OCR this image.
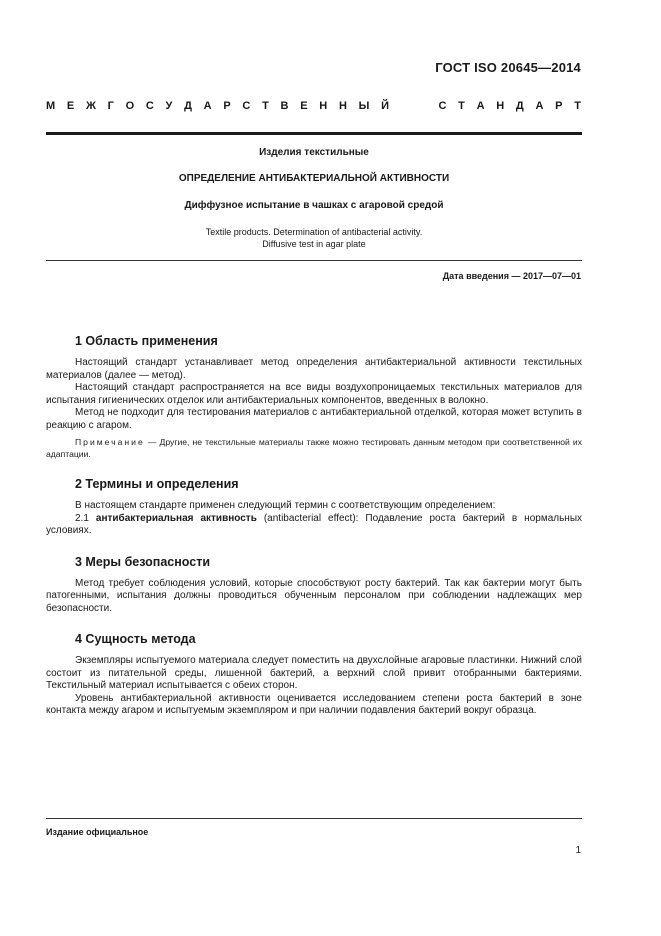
ГОСТ ISO 20645—2014
М Е Ж Г О С У Д А Р С Т В Е Н Н Ы Й	С Т А Н Д А Р Т
Изделия текстильные
ОПРЕДЕЛЕНИЕ АНТИБАКТЕРИАЛЬНОЙ АКТИВНОСТИ
Диффузное испытание в чашках с агаровой средой
Textile products. Determination of antibacterial activity.
Diffusive test in agar plate
Дата введения — 2017—07—01
1 Область применения

Настоящий стандарт устанавливает метод определения антибактериальной активности текстильных материалов (далее — метод).

Настоящий стандарт распространяется на все виды воздухопроницаемых текстильных материалов для испытания гигиенических отделок или антибактериальных компонентов, введенных в волокно.

Метод не подходит для тестирования материалов с антибактериальной отделкой, которая может вступить в реакцию с агаром.

Примечание — Другие, не текстильные материалы также можно тестировать данным методом при соответственной их адаптации.

2 Термины и определения

В настоящем стандарте применен следующий термин с соответствующим определением:

2.1 антибактериальная активность (antibacterial effect): Подавление роста бактерий в нормальных условиях.

3 Меры безопасности

Метод требует соблюдения условий, которые способствуют росту бактерий. Так как бактерии могут быть патогенными, испытания должны проводиться обученным персоналом при соблюдении надлежащих мер безопасности.

4 Сущность метода

Экземпляры испытуемого материала следует поместить на двухслойные агаровые пластинки. Нижний слой состоит из питательной среды, лишенной бактерий, а верхний слой привит отобранными бактериями. Текстильный материал испытывается с обеих сторон.

Уровень антибактериальной активности оценивается исследованием степени роста бактерий в зоне контакта между агаром и испытуемым экземпляром и при наличии подавления бактерий вокруг образца.

Издание официальное
1
